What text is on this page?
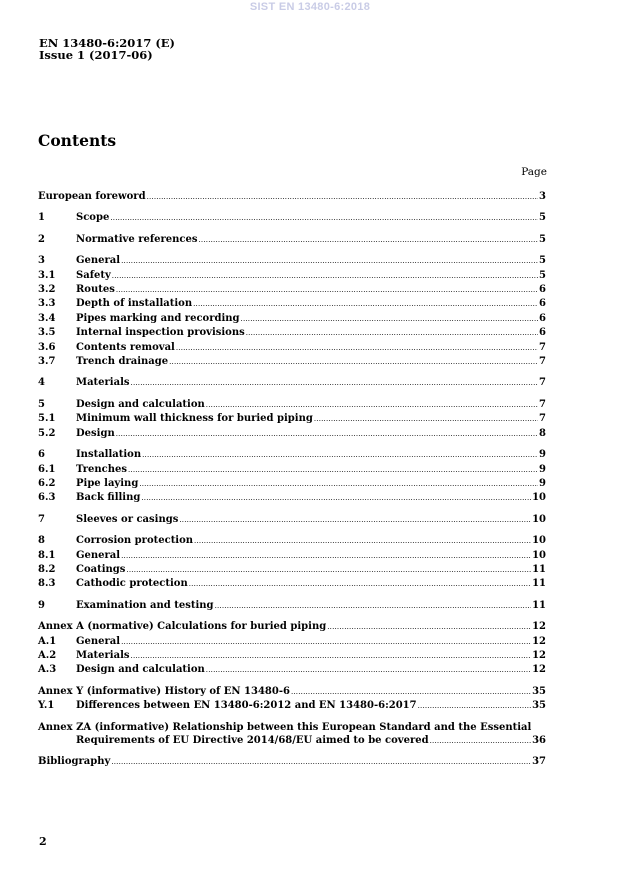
SIST EN 13480-6:2018
EN 13480-6:2017 (E)
Issue 1 (2017-06)
Contents
Page
European foreword .....	3
1	Scope .....	5
2	Normative references .....	5
3	General .....	5
3.1	Safety .....	5
3.2	Routes .....	6
3.3	Depth of installation .....	6
3.4	Pipes marking and recording .....	6
3.5	Internal inspection provisions .....	6
3.6	Contents removal .....	7
3.7	Trench drainage .....	7
4	Materials .....	7
5	Design and calculation .....	7
5.1	Minimum wall thickness for buried piping .....	7
5.2	Design .....	8
6	Installation .....	9
6.1	Trenches .....	9
6.2	Pipe laying .....	9
6.3	Back filling .....	10
7	Sleeves or casings .....	10
8	Corrosion protection .....	10
8.1	General .....	10
8.2	Coatings .....	11
8.3	Cathodic protection .....	11
9	Examination and testing .....	11
Annex A (normative) Calculations for buried piping .....	12
A.1	General .....	12
A.2	Materials .....	12
A.3	Design and calculation .....	12
Annex Y (informative) History of EN 13480-6 .....	35
Y.1	Differences between EN 13480-6:2012 and EN 13480-6:2017 .....	35
Annex ZA (informative) Relationship between this European Standard and the Essential
Requirements of EU Directive 2014/68/EU aimed to be covered .....	36
Bibliography .....	37
2
